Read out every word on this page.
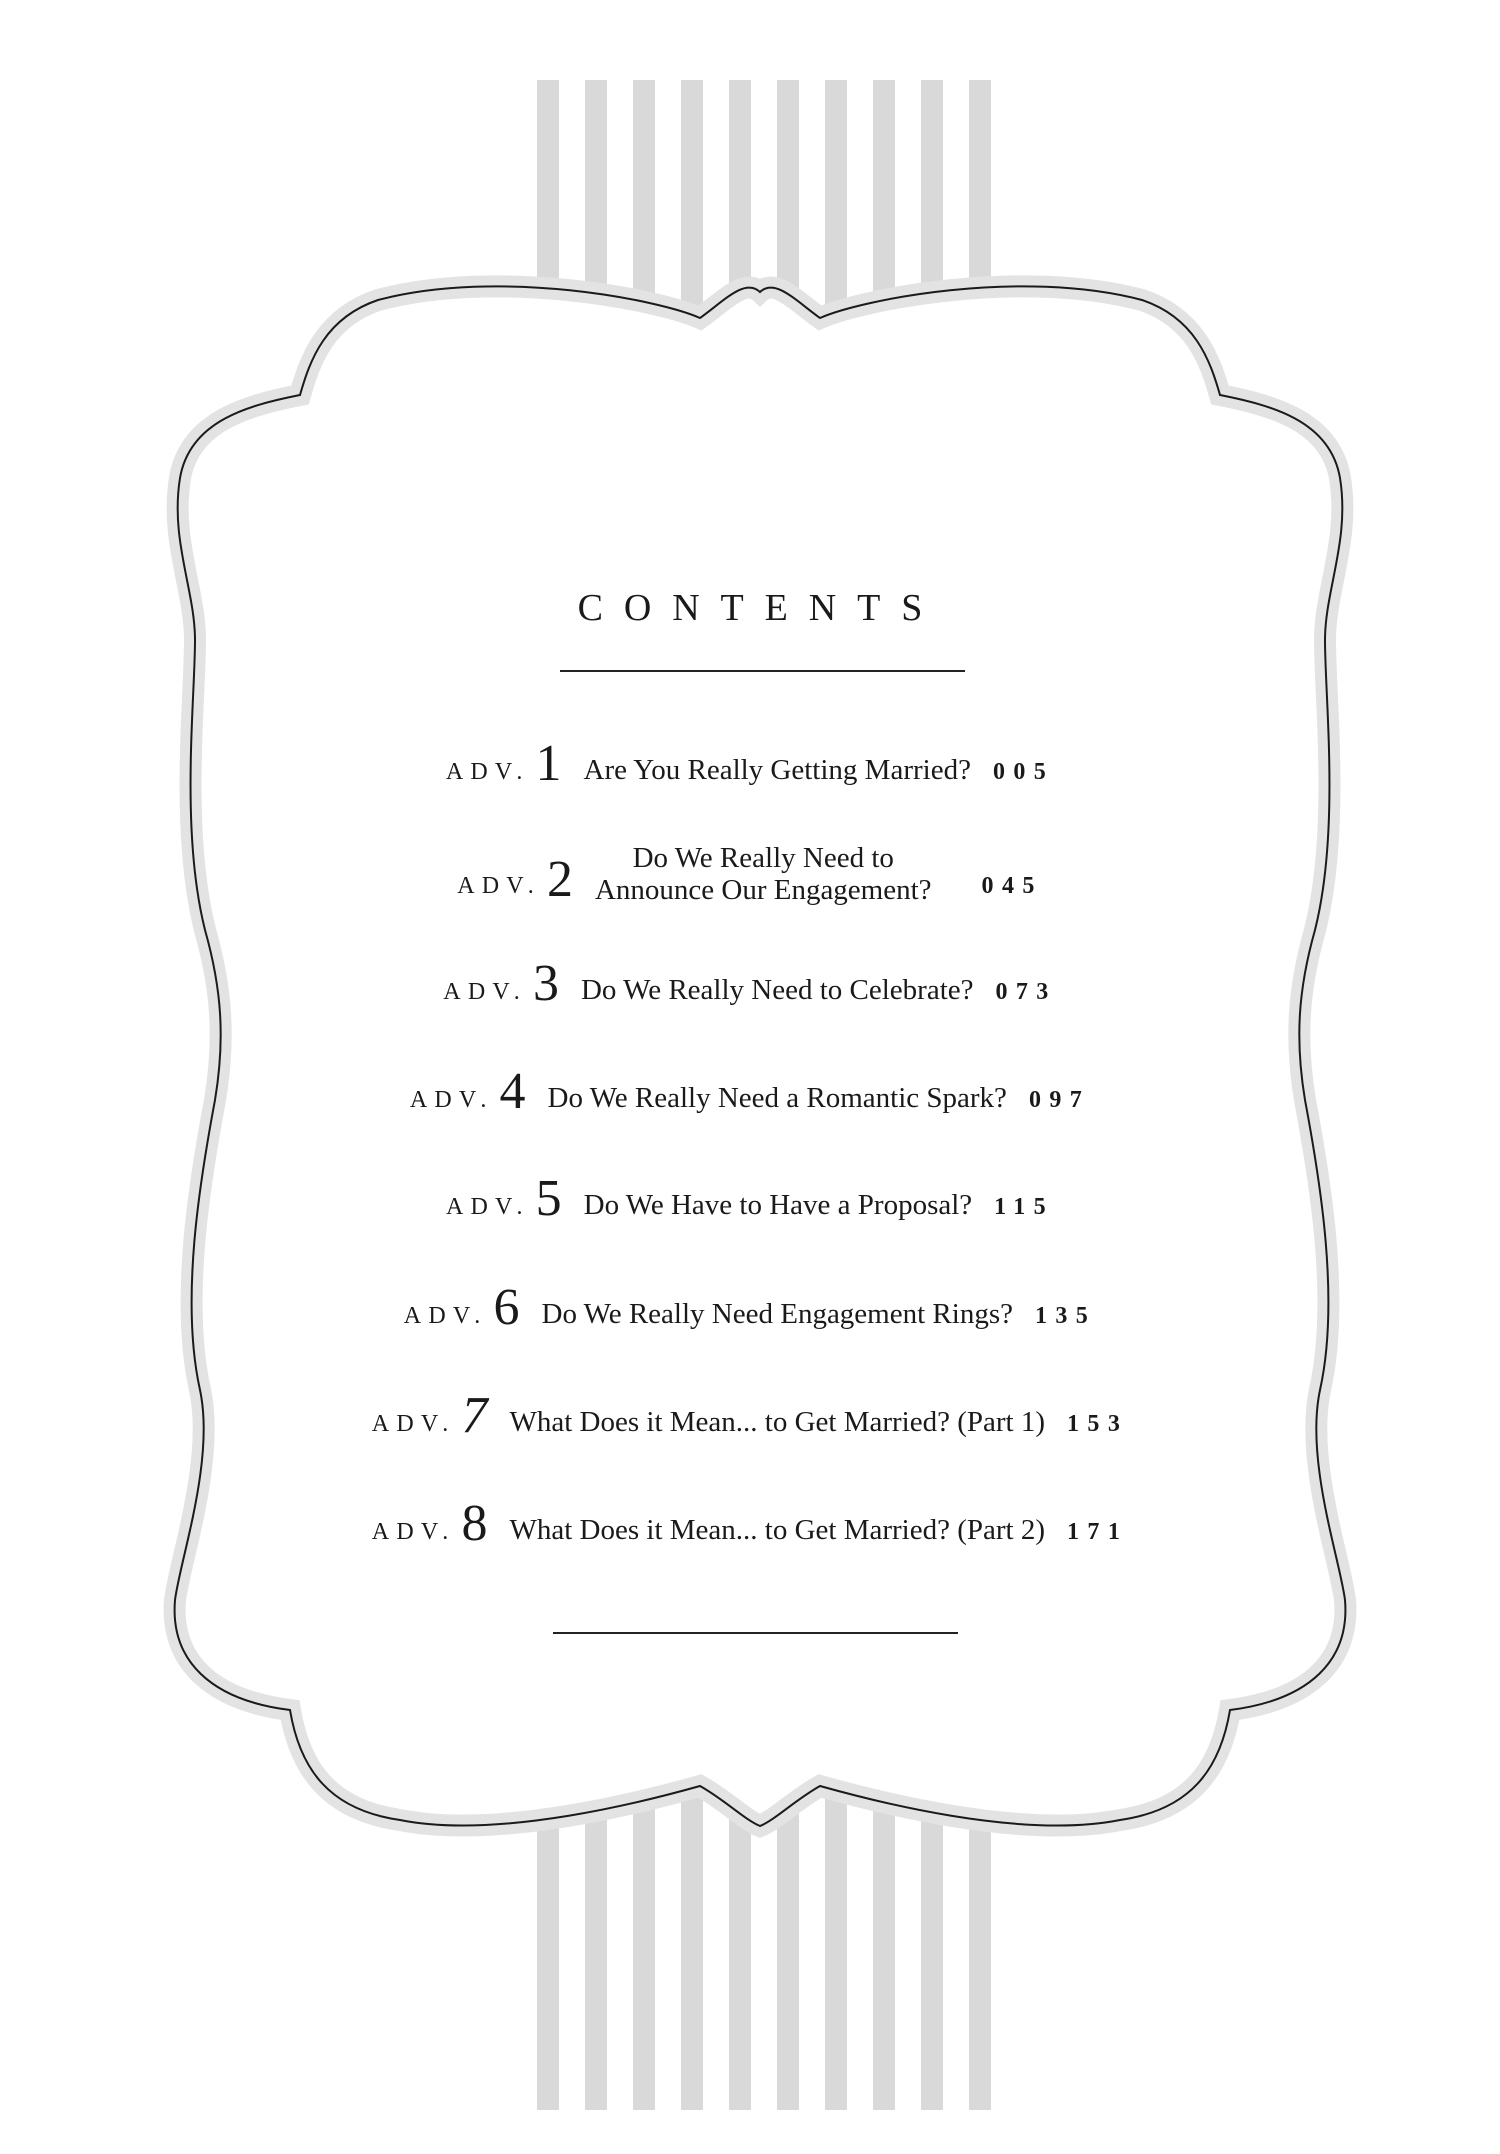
CONTENTS
ADV. 1 Are You Really Getting Married? 005
ADV. 2	Do We Really Need to
Announce Our Engagement? 045
ADV. 3 Do We Really Need to Celebrate? 073
ADV. 4 Do We Really Need a Romantic Spark? 097
ADV. 5 Do We Have to Have a Proposal? 115
ADV. 6 Do We Really Need Engagement Rings? 135
ADV. 7 What Does it Mean... to Get Married? (Part 1) 153
ADV. 8 What Does it Mean... to Get Married? (Part 2) 171
